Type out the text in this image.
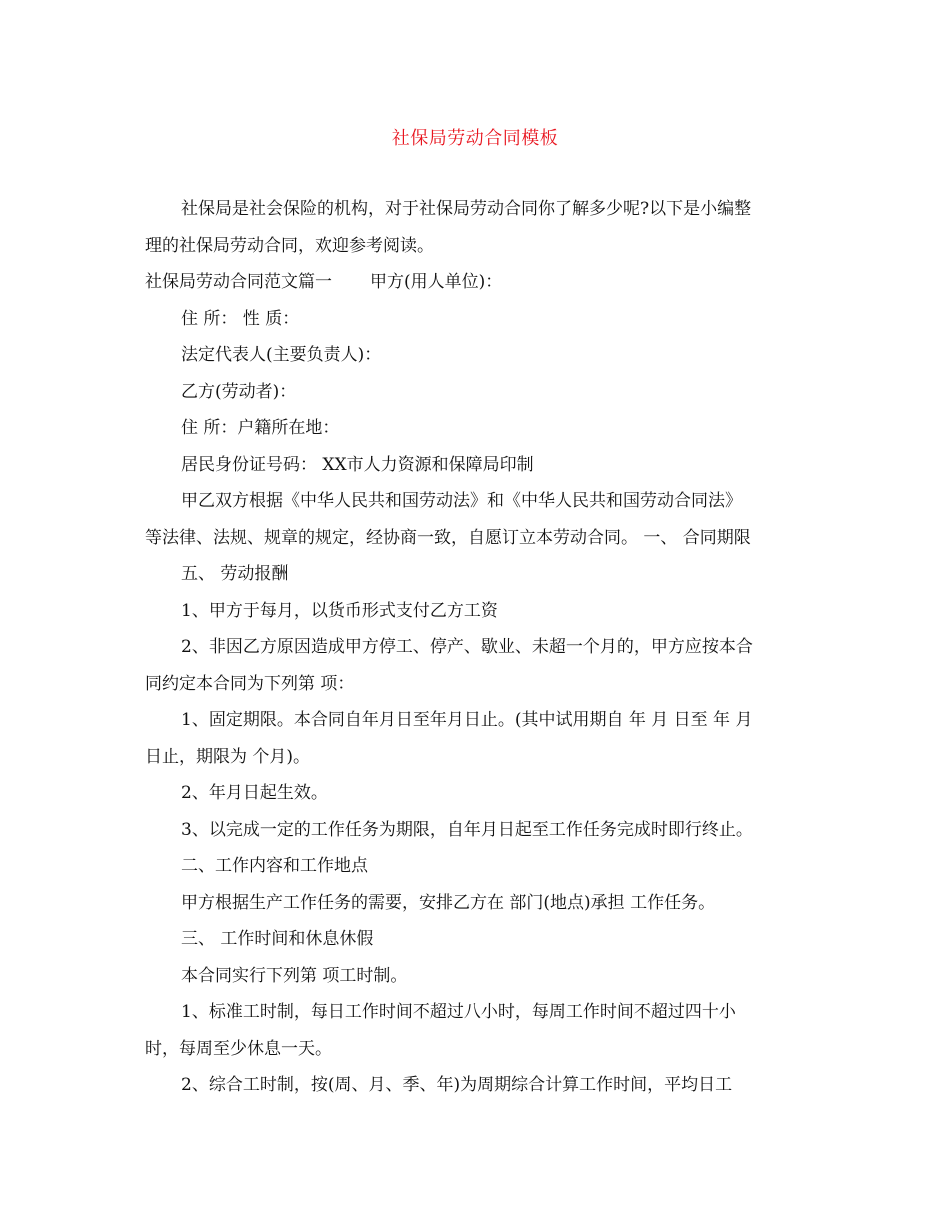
社保局劳动合同模板

社保局是社会保险的机构，对于社保局劳动合同你了解多少呢?以下是小编整

理的社保局劳动合同，欢迎参考阅读。

社保局劳动合同范文篇一 甲方(用人单位)：

住 所： 性 质：

法定代表人(主要负责人)：

乙方(劳动者)：

住 所：户籍所在地：

居民身份证号码： XX市人力资源和保障局印制

甲乙双方根据《中华人民共和国劳动法》和《中华人民共和国劳动合同法》

等法律、法规、规章的规定，经协商一致，自愿订立本劳动合同。 一、 合同期限

五、 劳动报酬

1、甲方于每月，以货币形式支付乙方工资

2、非因乙方原因造成甲方停工、停产、歇业、未超一个月的，甲方应按本合

同约定本合同为下列第 项：

1、固定期限。本合同自年月日至年月日止。(其中试用期自 年 月 日至 年 月

日止，期限为 个月)。

2、年月日起生效。

3、以完成一定的工作任务为期限，自年月日起至工作任务完成时即行终止。

二、工作内容和工作地点

甲方根据生产工作任务的需要，安排乙方在 部门(地点)承担 工作任务。

三、 工作时间和休息休假

本合同实行下列第 项工时制。

1、标准工时制，每日工作时间不超过八小时，每周工作时间不超过四十小

时，每周至少休息一天。

2、综合工时制，按(周、月、季、年)为周期综合计算工作时间，平均日工
